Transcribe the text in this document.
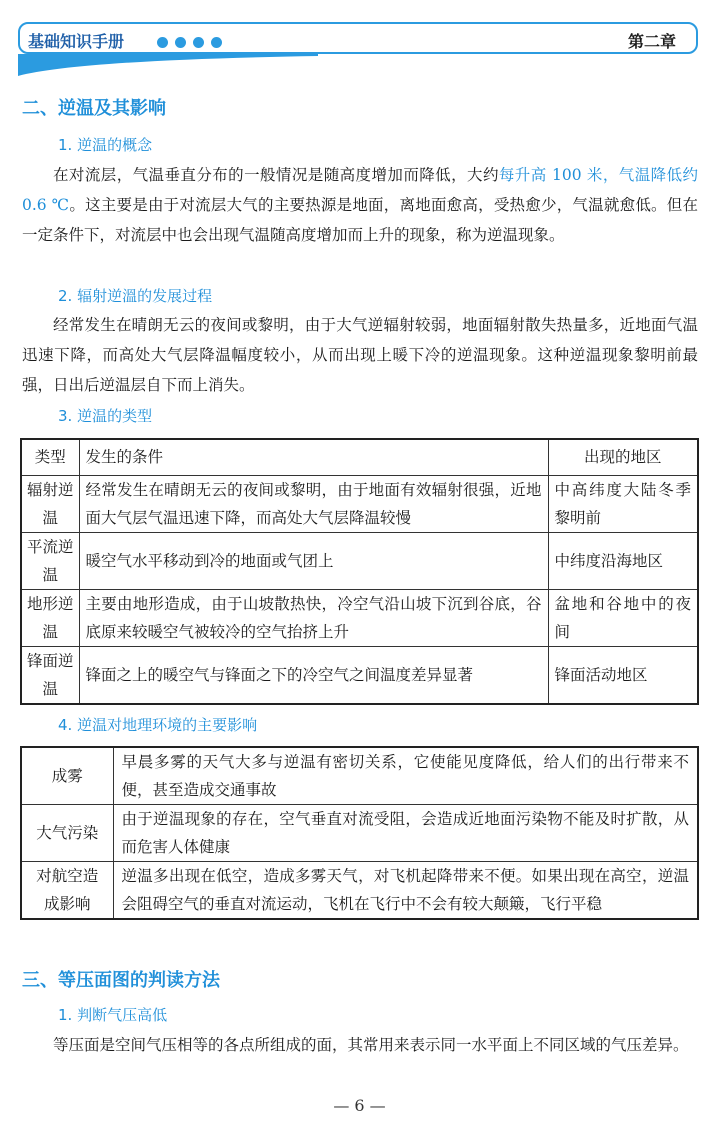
基础知识手册	第二章
二、逆温及其影响
1. 逆温的概念
在对流层，气温垂直分布的一般情况是随高度增加而降低，大约每升高 100 米，气温降低约 0.6 ℃。这主要是由于对流层大气的主要热源是地面，离地面愈高，受热愈少，气温就愈低。但在一定条件下，对流层中也会出现气温随高度增加而上升的现象，称为逆温现象。
2. 辐射逆溫的发展过程
经常发生在晴朗无云的夜间或黎明，由于大气逆辐射较弱，地面辐射散失热量多，近地面气温迅速下降，而高处大气层降温幅度较小，从而出现上暖下冷的逆温现象。这种逆温现象黎明前最强，日出后逆温层自下而上消失。
3. 逆温的类型
类型	发生的条件	出现的地区
辐射逆温	经常发生在晴朗无云的夜间或黎明，由于地面有效辐射很强，近地面大气层气温迅速下降，而高处大气层降温较慢	中高纬度大陆冬季黎明前
平流逆温	暖空气水平移动到冷的地面或气团上	中纬度沿海地区
地形逆温	主要由地形造成，由于山坡散热快，冷空气沿山坡下沉到谷底，谷底原来较暖空气被较冷的空气抬挤上升	盆地和谷地中的夜间
锋面逆温	锋面之上的暖空气与锋面之下的冷空气之间温度差异显著	锋面活动地区
4. 逆温对地理环境的主要影响
成雾	早晨多雾的天气大多与逆温有密切关系，它使能见度降低，给人们的出行带来不便，甚至造成交通事故
大气污染	由于逆温现象的存在，空气垂直对流受阻，会造成近地面污染物不能及时扩散，从而危害人体健康
对航空造成影响	逆温多出现在低空，造成多雾天气，对飞机起降带来不便。如果出现在高空，逆温会阻碍空气的垂直对流运动，飞机在飞行中不会有较大颠簸，飞行平稳
三、等压面图的判读方法
1. 判断气压高低
等压面是空间气压相等的各点所组成的面，其常用来表示同一水平面上不同区域的气压差异。
— 6 —
